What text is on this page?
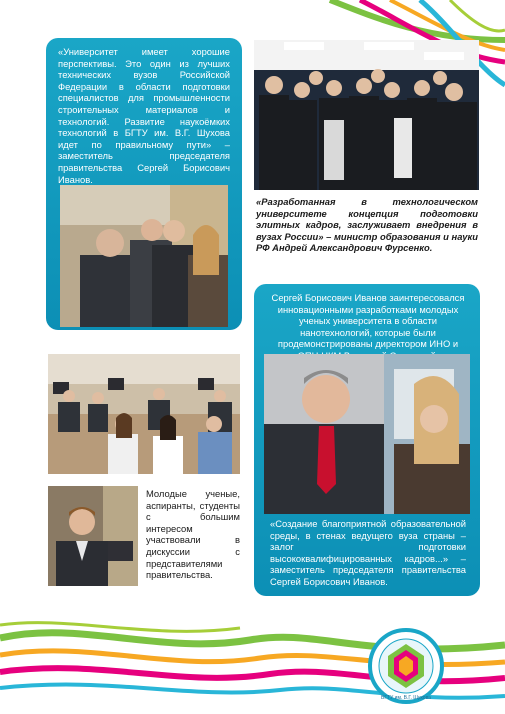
«Университет имеет хорошие перспективы. Это один из лучших технических вузов Российской Федерации в области подготовки специалистов для промышленности строительных материалов и технологий. Развитие наукоёмких технологий в БГТУ им. В.Г. Шухова идет по правильному пути» – заместитель председателя правительства Сергей Борисович Иванов.
«Разработанная в технологическом университете концепция подготовки элитных кадров, заслуживает внедрения в вузах России» – министр образования и науки РФ Андрей Александрович Фурсенко.
Сергей Борисович Иванов заинтересовался инновационными разработками молодых ученых университета в области нанотехнологий, которые были продемонстрированы директором ИНО и
«Создание благоприятной образовательной среды, в стенах ведущего вуза страны – залог подготовки высококвалифицированных кадров...» – заместитель председателя правительства Сергей Борисович Иванов.
Молодые ученые, аспиранты, студенты с большим интересом участвовали в дискуссии с представителями правительства.
БГТУ им. В.Г. Шухова
